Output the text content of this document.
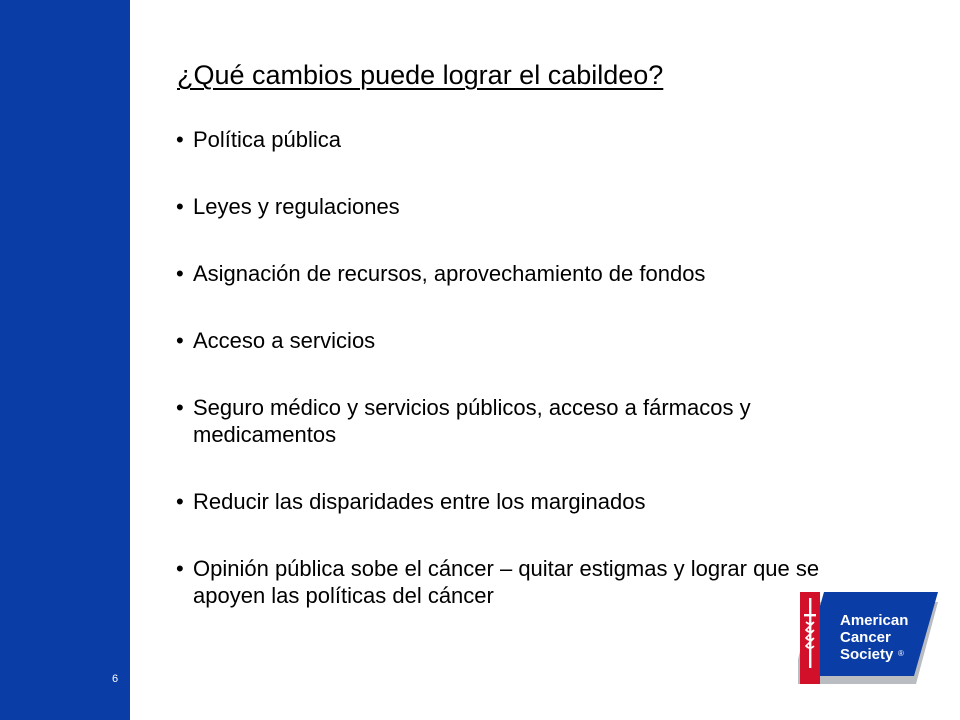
6
¿Qué cambios puede lograr el cabildeo?
• Política pública
• Leyes y regulaciones
• Asignación de recursos, aprovechamiento de fondos
• Acceso a servicios
• Seguro médico y servicios públicos, acceso a fármacos y medicamentos
• Reducir las disparidades entre los marginados
• Opinión pública sobe el cáncer – quitar estigmas y lograr que se apoyen las políticas del cáncer
American
Cancer
Society ®
